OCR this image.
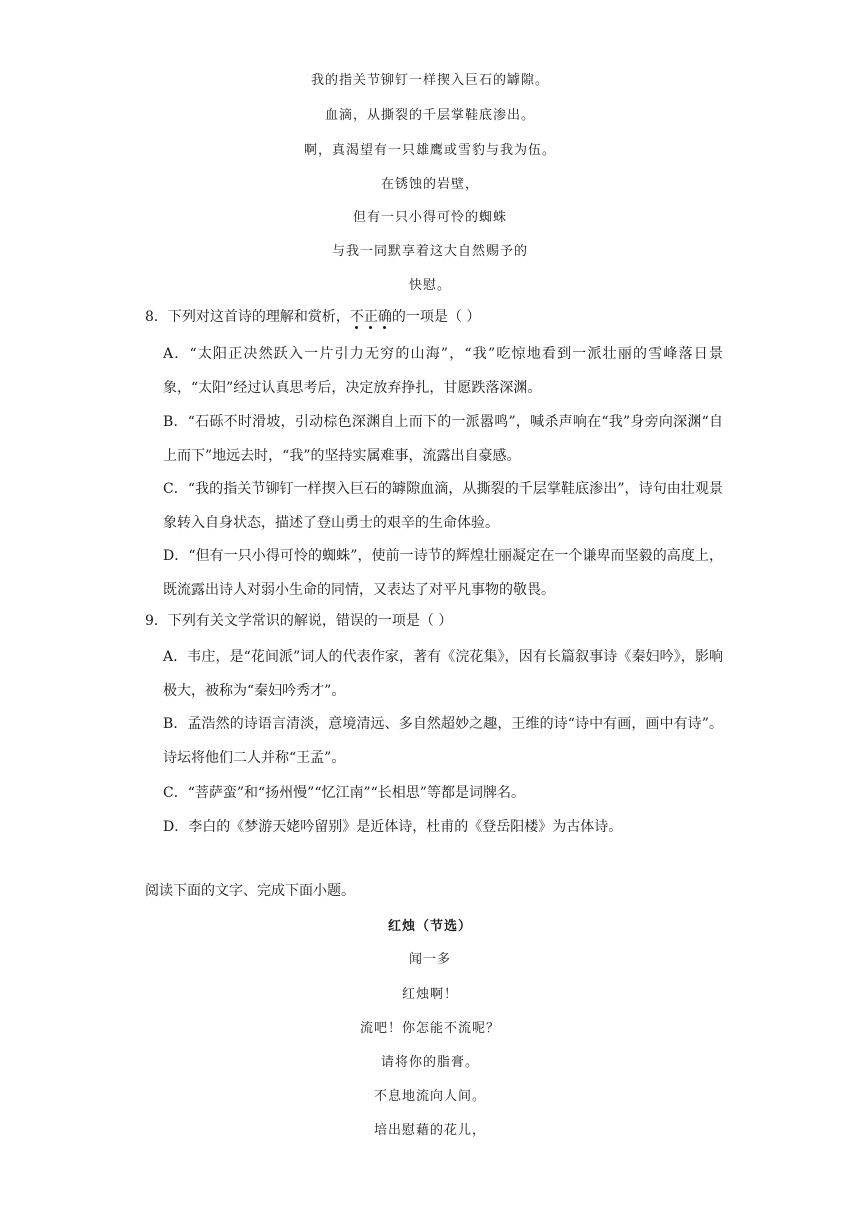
我的指关节铆钉一样揳入巨石的罅隙。
血滴，从撕裂的千层掌鞋底渗出。
啊，真渴望有一只雄鹰或雪豹与我为伍。
在锈蚀的岩壁，
但有一只小得可怜的蜘蛛
与我一同默享着这大自然赐予的
快慰。
8．下列对这首诗的理解和赏析，不正确的一项是（ ）
A．“太阳正决然跃入一片引力无穷的山海”，“我”吃惊地看到一派壮丽的雪峰落日景象，“太阳”经过认真思考后，决定放弃挣扎，甘愿跌落深渊。
B．“石砾不时滑坡，引动棕色深渊自上而下的一派嚣鸣”，喊杀声响在“我”身旁向深渊“自上而下”地远去时，“我”的坚持实属难事，流露出自豪感。
C．“我的指关节铆钉一样揳入巨石的罅隙血滴，从撕裂的千层掌鞋底渗出”，诗句由壮观景象转入自身状态，描述了登山勇士的艰辛的生命体验。
D．“但有一只小得可怜的蜘蛛”，使前一诗节的辉煌壮丽凝定在一个谦卑而坚毅的高度上，既流露出诗人对弱小生命的同情，又表达了对平凡事物的敬畏。
9．下列有关文学常识的解说，错误的一项是（ ）
A．韦庄，是“花间派”词人的代表作家，著有《浣花集》，因有长篇叙事诗《秦妇吟》，影响极大，被称为“秦妇吟秀才”。
B．孟浩然的诗语言清淡，意境清远、多自然超妙之趣，王维的诗“诗中有画，画中有诗”。诗坛将他们二人并称“王孟”。
C．“菩萨蛮”和“扬州慢”“忆江南”“长相思”等都是词牌名。
D．李白的《梦游天姥吟留别》是近体诗，杜甫的《登岳阳楼》为古体诗。
阅读下面的文字、完成下面小题。
红烛（节选）
闻一多
红烛啊！
流吧！你怎能不流呢？
请将你的脂膏。
不息地流向人间。
培出慰藉的花儿，
